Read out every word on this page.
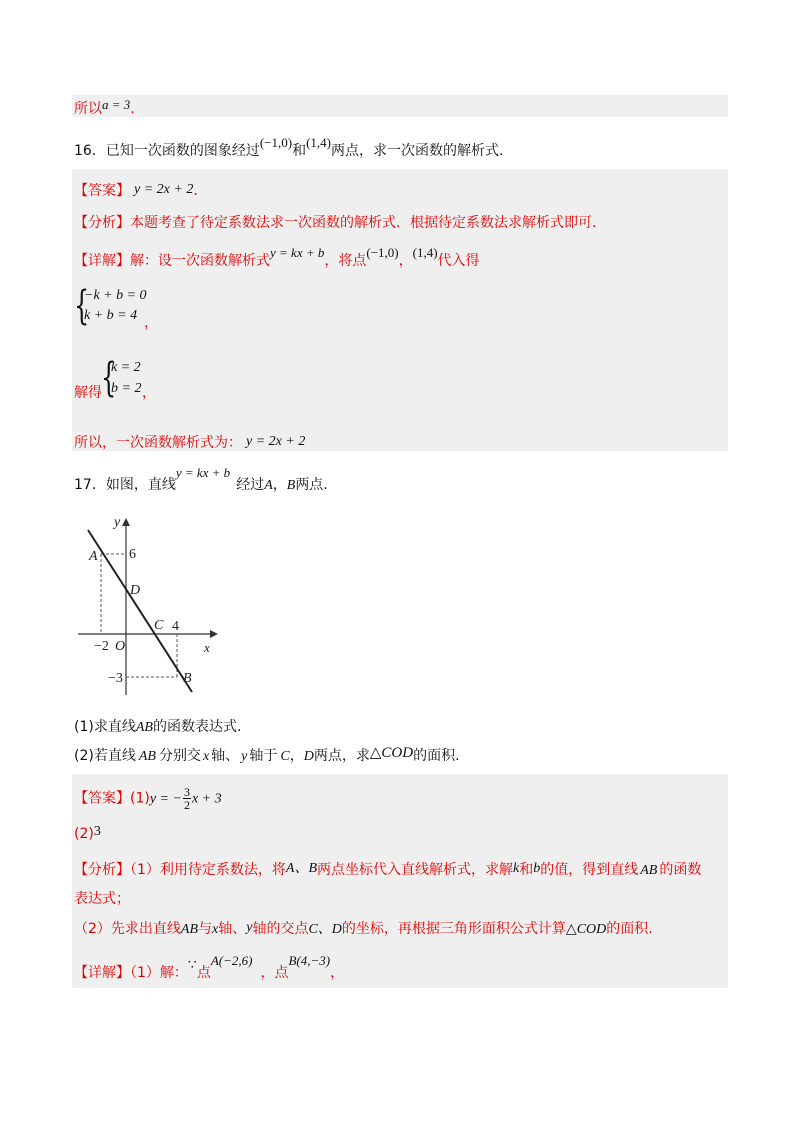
所以a = 3.
16．已知一次函数的图象经过(−1,0)和(1,4)两点，求一次函数的解析式.
【答案】 y = 2x + 2.
【分析】本题考查了待定系数法求一次函数的解析式．根据待定系数法求解析式即可.
【详解】解：设一次函数解析式y = kx + b，将点(−1,0)，(1,4)代入得
{
−k + b = 0
k + b = 4 ，
解得 {
k = 2
b = 2 ，
所以，一次函数解析式为： y = 2x + 2
17．如图，直线y = kx + b经过A，B两点.
y
x
O
A
B
C
D
6
−2
4
−3
(1)求直线AB的函数表达式.
(2)若直线 AB 分别交 x 轴、 y 轴于 C，D两点，求△COD的面积.
【答案】(1)y = − $\frac{3}{2}$ x + 3
(2)3
【分析】（1）利用待定系数法，将A、B两点坐标代入直线解析式，求解k和b的值，得到直线 AB 的函数
表达式；
（2）先求出直线AB与x轴、y轴的交点C、D的坐标，再根据三角形面积公式计算△COD的面积.
【详解】（1）解：∵点A(−2,6)，点B(4,−3)，
